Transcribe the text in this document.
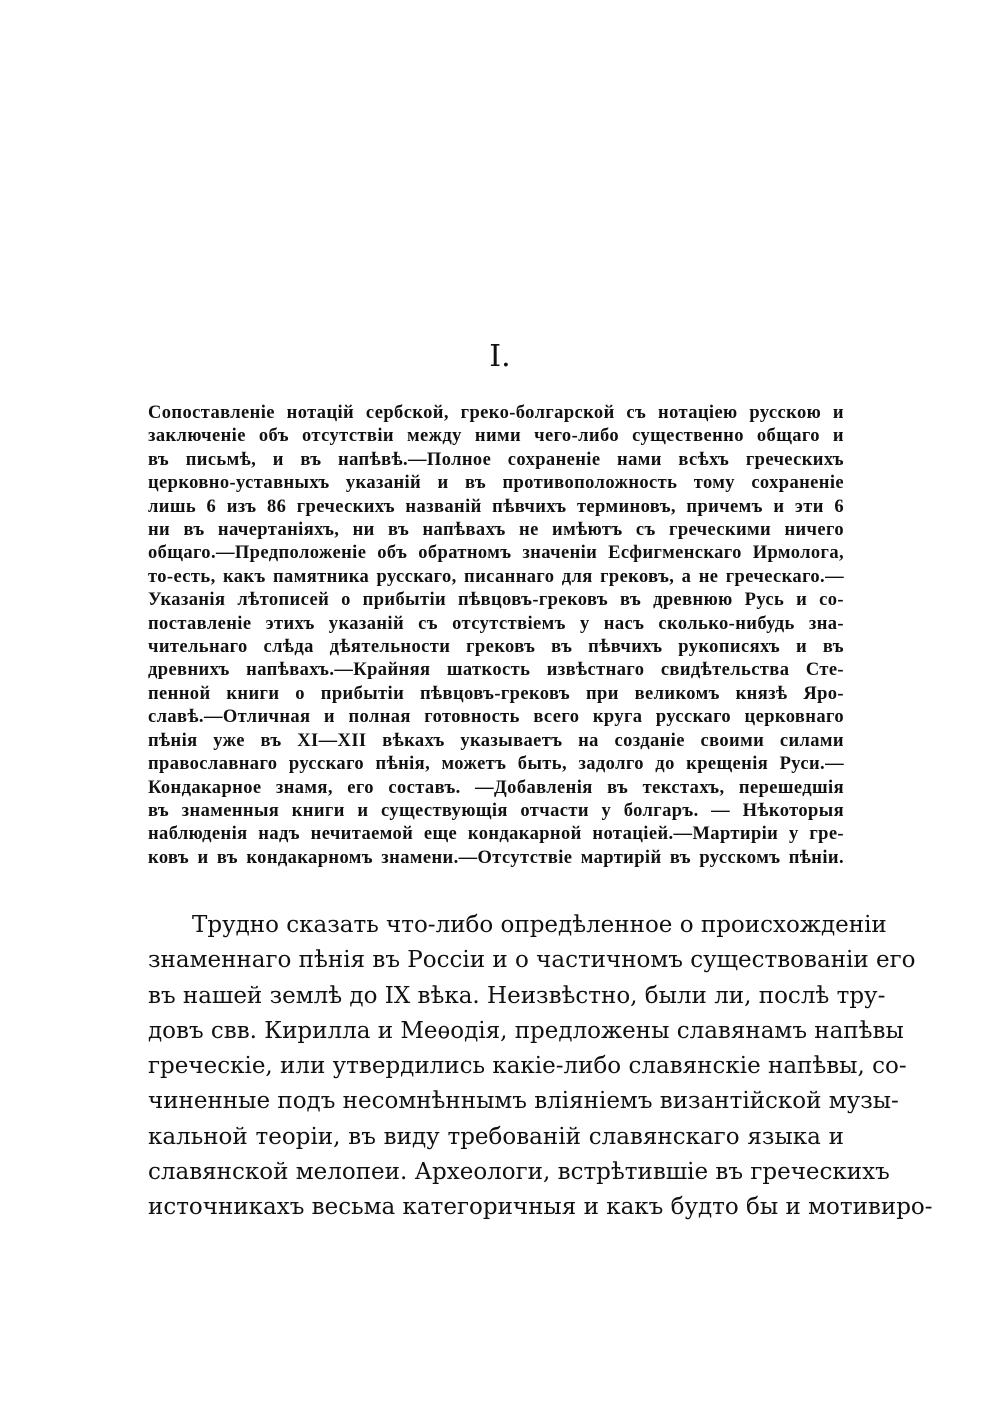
I.
Сопоставленіе нотацій сербской, греко-болгарской съ нотаціею русскою и
заключеніе объ отсутствіи между ними чего-либо существенно общаго и
въ письмѣ, и въ напѣвѣ.—Полное сохраненіе нами всѣхъ греческихъ
церковно-уставныхъ указаній и въ противоположность тому сохраненіе
лишь 6 изъ 86 греческихъ названій пѣвчихъ терминовъ, причемъ и эти 6
ни въ начертаніяхъ, ни въ напѣвахъ не имѣютъ съ греческими ничего
общаго.—Предположеніе объ обратномъ значеніи Есфигменскаго Ирмолога,
то-есть, какъ памятника русскаго, писаннаго для грековъ, а не греческаго.—
Указанія лѣтописей о прибытіи пѣвцовъ-грековъ въ древнюю Русь и со-
поставленіе этихъ указаній съ отсутствіемъ у насъ сколько-нибудь зна-
чительнаго слѣда дѣятельности грековъ въ пѣвчихъ рукописяхъ и въ
древнихъ напѣвахъ.—Крайняя шаткость извѣстнаго свидѣтельства Сте-
пенной книги о прибытіи пѣвцовъ-грековъ при великомъ князѣ Яро-
славѣ.—Отличная и полная готовность всего круга русскаго церковнаго
пѣнія уже въ XI—XII вѣкахъ указываетъ на созданіе своими силами
православнаго русскаго пѣнія, можетъ быть, задолго до крещенія Руси.—
Кондакарное знамя, его составъ. —Добавленія въ текстахъ, перешедшія
въ знаменныя книги и существующія отчасти у болгаръ. — Нѣкоторыя
наблюденія надъ нечитаемой еще кондакарной нотаціей.—Мартиріи у гре-
ковъ и въ кондакарномъ знамени.—Отсутствіе мартирій въ русскомъ пѣніи.
Трудно сказать что-либо опредѣленное о происхожденіи
знаменнаго пѣнія въ Россіи и о частичномъ существованіи его
въ нашей землѣ до IX вѣка. Неизвѣстно, были ли, послѣ тру-
довъ свв. Кирилла и Меѳодія, предложены славянамъ напѣвы
греческіе, или утвердились какіе-либо славянскіе напѣвы, со-
чиненные подъ несомнѣннымъ вліяніемъ византійской музы-
кальной теоріи, въ виду требованій славянскаго языка и
славянской мелопеи. Археологи, встрѣтившіе въ греческихъ
источникахъ весьма категоричныя и какъ будто бы и мотивиро-
